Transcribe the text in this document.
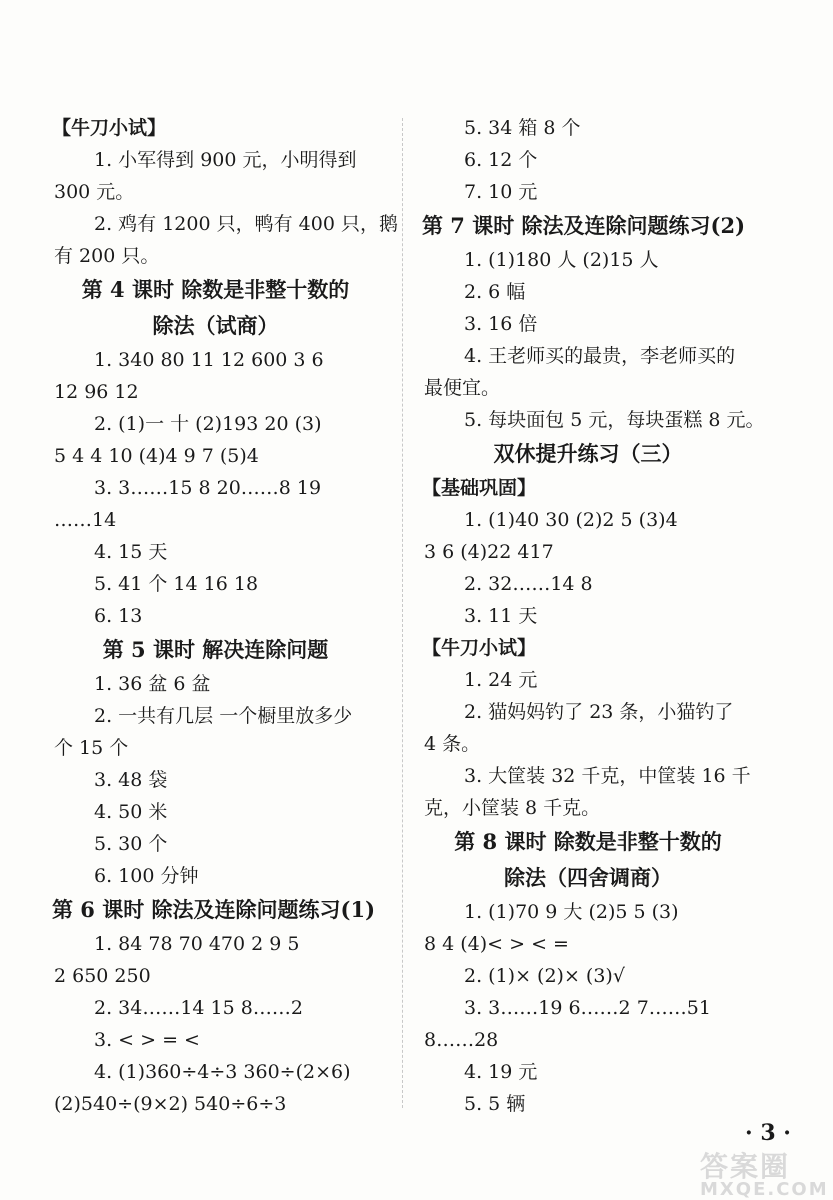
【牛刀小试】
1. 小军得到 900 元，小明得到
300 元。
2. 鸡有 1200 只，鸭有 400 只，鹅
有 200 只。
第 4 课时 除数是非整十数的
除法（试商）
1. 340 80 11 12 600 3 6
12 96 12
2. (1)一 十 (2)193 20 (3)
5 4 4 10 (4)4 9 7 (5)4
3. 3……15 8 20……8 19
……14
4. 15 天
5. 41 个 14 16 18
6. 13
第 5 课时 解决连除问题
1. 36 盆 6 盆
2. 一共有几层 一个橱里放多少
个 15 个
3. 48 袋
4. 50 米
5. 30 个
6. 100 分钟
第 6 课时 除法及连除问题练习(1)
1. 84 78 70 470 2 9 5
2 650 250
2. 34……14 15 8……2
3. < > = <
4. (1)360÷4÷3 360÷(2×6)
(2)540÷(9×2) 540÷6÷3
5. 34 箱 8 个
6. 12 个
7. 10 元
第 7 课时 除法及连除问题练习(2)
1. (1)180 人 (2)15 人
2. 6 幅
3. 16 倍
4. 王老师买的最贵，李老师买的
最便宜。
5. 每块面包 5 元，每块蛋糕 8 元。
双休提升练习（三）
【基础巩固】
1. (1)40 30 (2)2 5 (3)4
3 6 (4)22 417
2. 32……14 8
3. 11 天
【牛刀小试】
1. 24 元
2. 猫妈妈钓了 23 条，小猫钓了
4 条。
3. 大筐装 32 千克，中筐装 16 千
克，小筐装 8 千克。
第 8 课时 除数是非整十数的
除法（四舍调商）
1. (1)70 9 大 (2)5 5 (3)
8 4 (4)< > < =
2. (1)× (2)× (3)√
3. 3……19 6……2 7……51
8……28
4. 19 元
5. 5 辆
· 3 ·
答案圈
MXQE.COM
